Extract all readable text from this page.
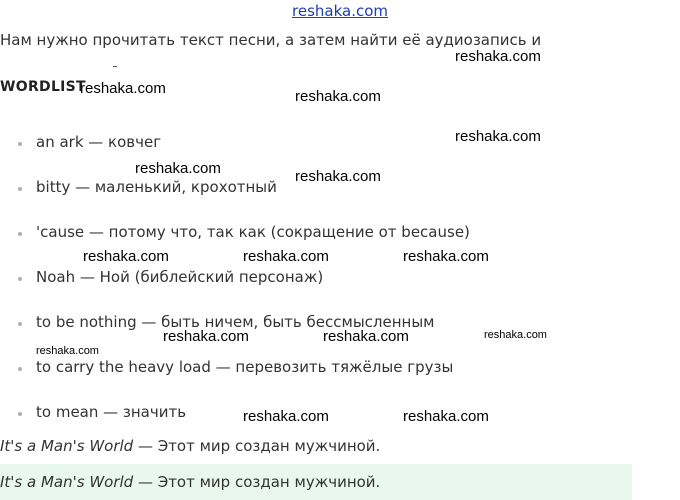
reshaka.com
Нам нужно прочитать текст песни, а затем найти её аудиозапись и
WORDLIST
an ark — ковчег
bitty — маленький, крохотный
'cause — потому что, так как (сокращение от because)
Noah — Ной (библейский персонаж)
to be nothing — быть ничем, быть бессмысленным
to carry the heavy load — перевозить тяжёлые грузы
to mean — значить
It's a Man's World — Этот мир создан мужчиной.
It's a Man's World — Этот мир создан мужчиной.
reshaka.com
reshaka.com	reshaka.com
reshaka.com
reshaka.com	reshaka.com
reshaka.com	reshaka.com	reshaka.com
reshaka.com
reshaka.com	reshaka.com
reshaka.com
reshaka.com	reshaka.com
